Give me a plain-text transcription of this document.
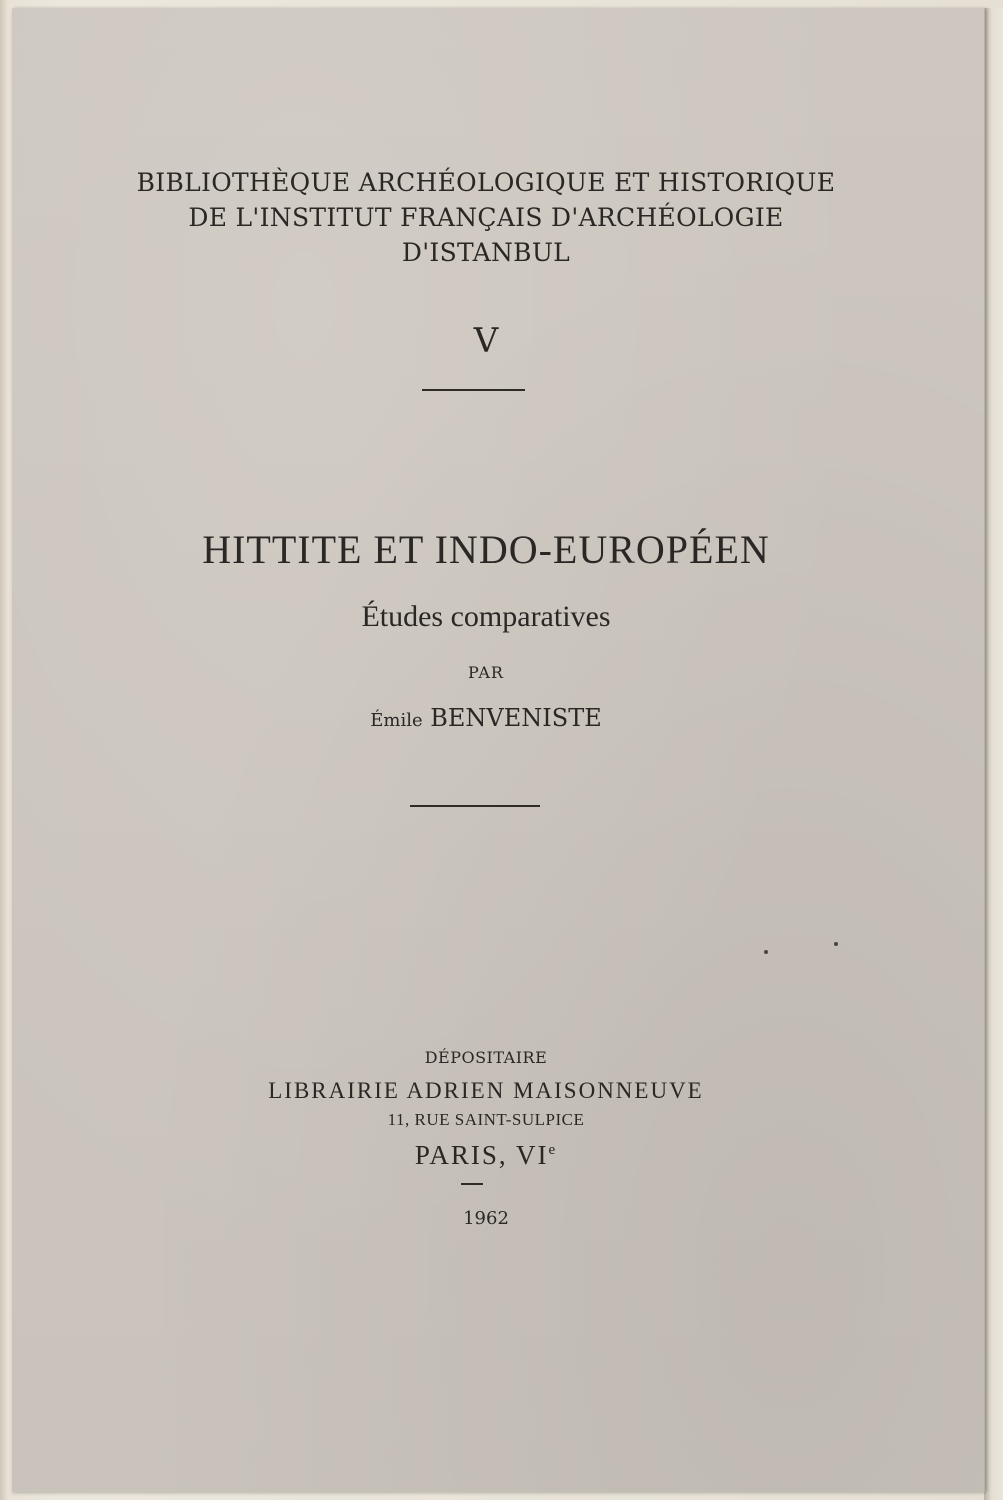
BIBLIOTHÈQUE ARCHÉOLOGIQUE ET HISTORIQUE
DE L'INSTITUT FRANÇAIS D'ARCHÉOLOGIE
D'ISTANBUL
V
HITTITE ET INDO-EUROPÉEN
Études comparatives
PAR
Émile BENVENISTE
DÉPOSITAIRE
LIBRAIRIE ADRIEN MAISONNEUVE
11, RUE SAINT-SULPICE
PARIS, VIe
1962
